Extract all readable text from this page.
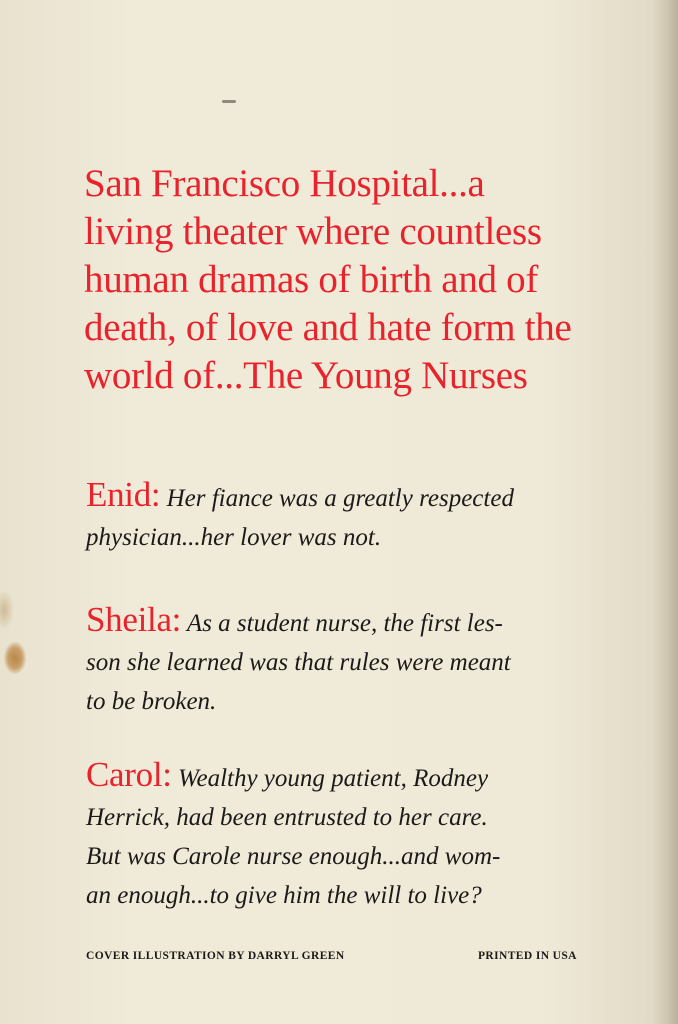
San Francisco Hospital...a
living theater where countless
human dramas of birth and of
death, of love and hate form the
world of...The Young Nurses

Enid: Her fiance was a greatly respected
physician...her lover was not.

Sheila: As a student nurse, the first les-
son she learned was that rules were meant
to be broken.

Carol: Wealthy young patient, Rodney
Herrick, had been entrusted to her care.
But was Carole nurse enough...and wom-
an enough...to give him the will to live?

COVER ILLUSTRATION BY DARRYL GREEN	PRINTED IN USA
